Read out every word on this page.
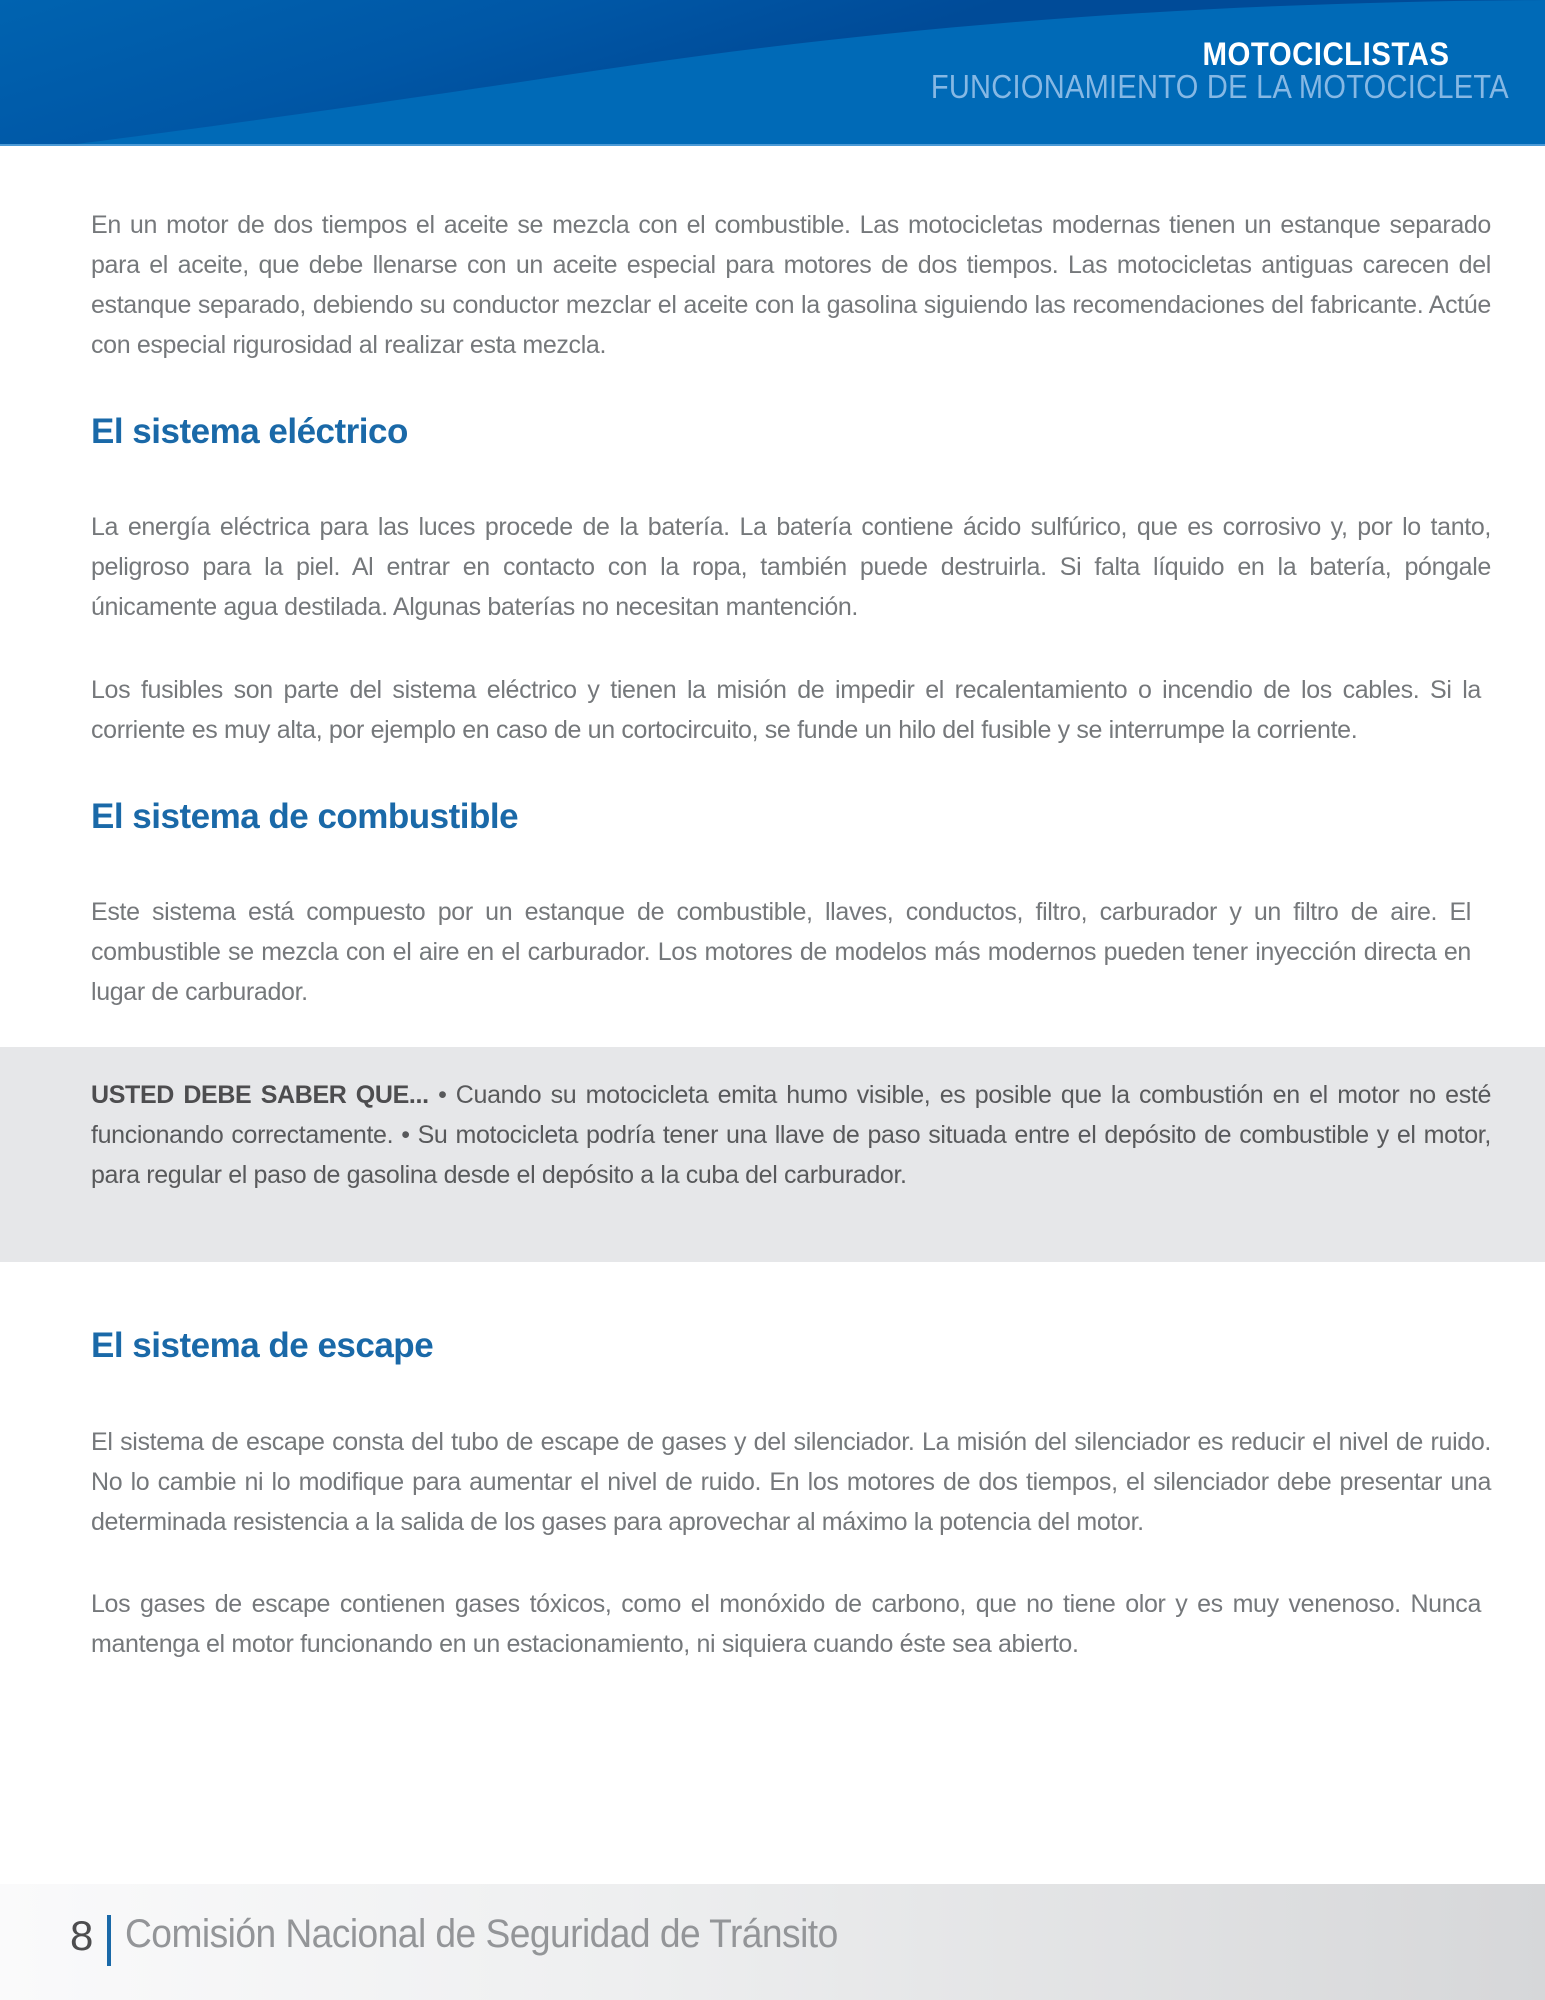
MOTOCICLISTAS
FUNCIONAMIENTO DE LA MOTOCICLETA

En un motor de dos tiempos el aceite se mezcla con el combustible. Las motocicletas modernas tienen un estanque separado para el aceite, que debe llenarse con un aceite especial para motores de dos tiempos. Las motocicletas antiguas carecen del estanque separado, debiendo su conductor mezclar el aceite con la gasolina siguiendo las recomendaciones del fabricante. Actúe con especial rigurosidad al realizar esta mezcla.

El sistema eléctrico

La energía eléctrica para las luces procede de la batería. La batería contiene ácido sulfúrico, que es corrosivo y, por lo tanto, peligroso para la piel. Al entrar en contacto con la ropa, también puede destruirla. Si falta líquido en la batería, póngale únicamente agua destilada. Algunas baterías no necesitan mantención.

Los fusibles son parte del sistema eléctrico y tienen la misión de impedir el recalentamiento o incendio de los cables. Si la corriente es muy alta, por ejemplo en caso de un cortocircuito, se funde un hilo del fusible y se interrumpe la corriente.

El sistema de combustible

Este sistema está compuesto por un estanque de combustible, llaves, conductos, filtro, carburador y un filtro de aire. El combustible se mezcla con el aire en el carburador. Los motores de modelos más modernos pueden tener inyección directa en lugar de carburador.

USTED DEBE SABER QUE... • Cuando su motocicleta emita humo visible, es posible que la combustión en el motor no esté funcionando correctamente. • Su motocicleta podría tener una llave de paso situada entre el depósito de combustible y el motor, para regular el paso de gasolina desde el depósito a la cuba del carburador.

El sistema de escape

El sistema de escape consta del tubo de escape de gases y del silenciador. La misión del silenciador es reducir el nivel de ruido. No lo cambie ni lo modifique para aumentar el nivel de ruido. En los motores de dos tiempos, el silenciador debe presentar una determinada resistencia a la salida de los gases para aprovechar al máximo la potencia del motor.

Los gases de escape contienen gases tóxicos, como el monóxido de carbono, que no tiene olor y es muy venenoso. Nunca mantenga el motor funcionando en un estacionamiento, ni siquiera cuando éste sea abierto.

8 Comisión Nacional de Seguridad de Tránsito
